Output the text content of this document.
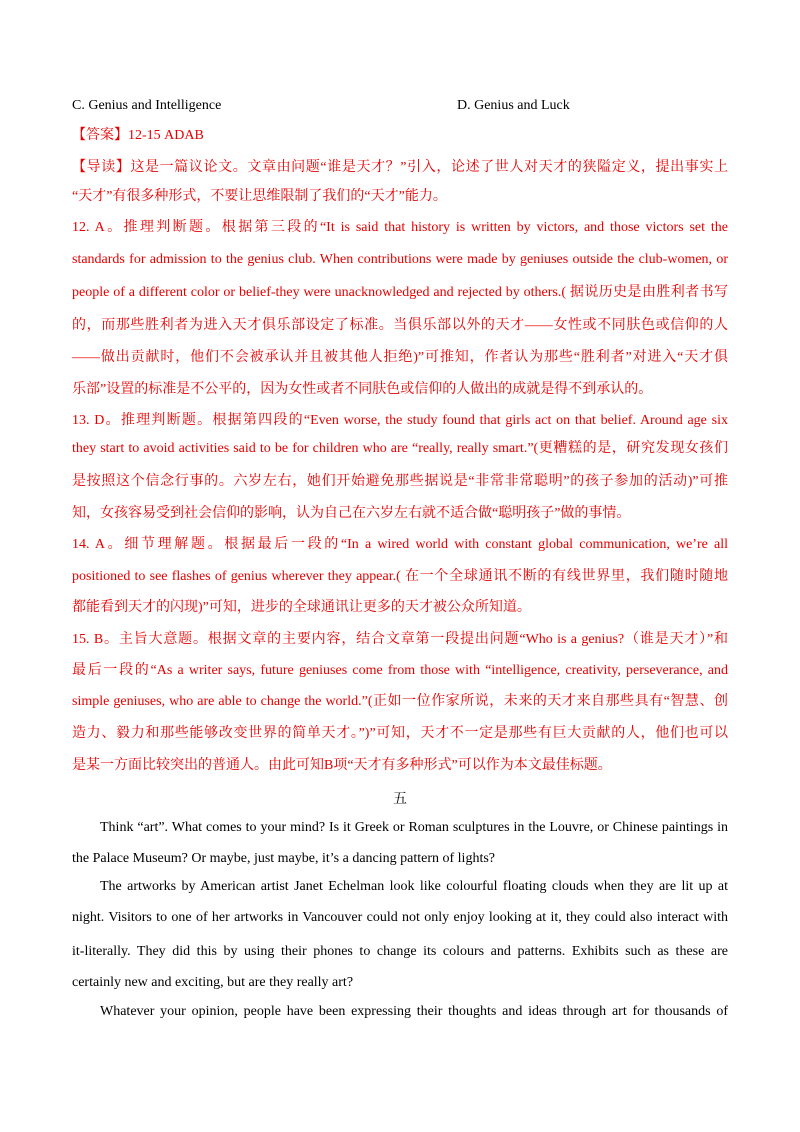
C. Genius and Intelligence	D. Genius and Luck
【答案】12-15 ADAB
【导读】这是一篇议论文。文章由问题“谁是天才？”引入，论述了世人对天才的狭隘定义，提出事实上
“天才”有很多种形式，不要让思维限制了我们的“天才”能力。
12. A。推理判断题。根据第三段的“It is said that history is written by victors, and those victors set the
standards for admission to the genius club. When contributions were made by geniuses outside the club-women, or
people of a different color or belief-they were unacknowledged and rejected by others.( 据说历史是由胜利者书写
的，而那些胜利者为进入天才俱乐部设定了标准。当俱乐部以外的天才——女性或不同肤色或信仰的人
——做出贡献时，他们不会被承认并且被其他人拒绝)”可推知，作者认为那些“胜利者”对进入“天才俱
乐部”设置的标准是不公平的，因为女性或者不同肤色或信仰的人做出的成就是得不到承认的。
13. D。推理判断题。根据第四段的“Even worse, the study found that girls act on that belief. Around age six
they start to avoid activities said to be for children who are “really, really smart.”(更糟糕的是，研究发现女孩们
是按照这个信念行事的。六岁左右，她们开始避免那些据说是“非常非常聪明”的孩子参加的活动)”可推
知，女孩容易受到社会信仰的影响，认为自己在六岁左右就不适合做“聪明孩子”做的事情。
14. A。细节理解题。根据最后一段的“In a wired world with constant global communication, we’re all
positioned to see flashes of genius wherever they appear.( 在一个全球通讯不断的有线世界里，我们随时随地
都能看到天才的闪现)”可知，进步的全球通讯让更多的天才被公众所知道。
15. B。主旨大意题。根据文章的主要内容，结合文章第一段提出问题“Who is a genius?（谁是天才）”和
最后一段的“As a writer says, future geniuses come from those with “intelligence, creativity, perseverance, and
simple geniuses, who are able to change the world.”(正如一位作家所说，未来的天才来自那些具有“智慧、创
造力、毅力和那些能够改变世界的简单天才。”)”可知，天才不一定是那些有巨大贡献的人，他们也可以
是某一方面比较突出的普通人。由此可知B项“天才有多种形式”可以作为本文最佳标题。
五
Think “art”. What comes to your mind? Is it Greek or Roman sculptures in the Louvre, or Chinese paintings in
the Palace Museum? Or maybe, just maybe, it’s a dancing pattern of lights?
The artworks by American artist Janet Echelman look like colourful floating clouds when they are lit up at
night. Visitors to one of her artworks in Vancouver could not only enjoy looking at it, they could also interact with
it-literally. They did this by using their phones to change its colours and patterns. Exhibits such as these are
certainly new and exciting, but are they really art?
Whatever your opinion, people have been expressing their thoughts and ideas through art for thousands of
